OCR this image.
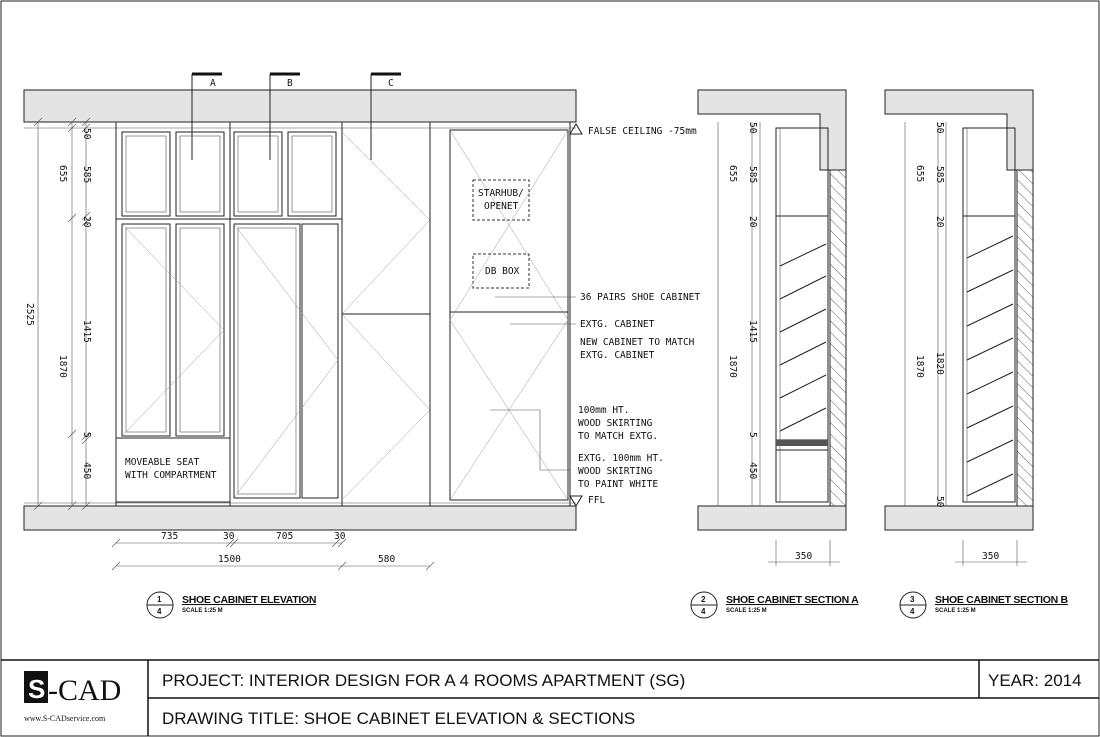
A	B	C
FALSE CEILING -75mm
FFL
STARHUB/
OPENET
DB BOX
36 PAIRS SHOE CABINET
EXTG. CABINET
NEW CABINET TO MATCH
EXTG. CABINET
100mm HT.
WOOD SKIRTING
TO MATCH EXTG.
EXTG. 100mm HT.
WOOD SKIRTING
TO PAINT WHITE
MOVEABLE SEAT
WITH COMPARTMENT
50
585
20
1415
5
450
655
1870
2525
735	30	705	30
1500	580
50
585
20
1415
5
450
655
1870
350
50
585
20
1820
50
655
1870
350
1
4
SHOE CABINET ELEVATION
SCALE 1:25 M
2
4
SHOE CABINET SECTION A
SCALE 1:25 M
3
4
SHOE CABINET SECTION B
SCALE 1:25 M
S -CAD
www.S-CADservice.com
PROJECT: INTERIOR DESIGN FOR A 4 ROOMS APARTMENT (SG)
DRAWING TITLE: SHOE CABINET ELEVATION & SECTIONS
YEAR: 2014
